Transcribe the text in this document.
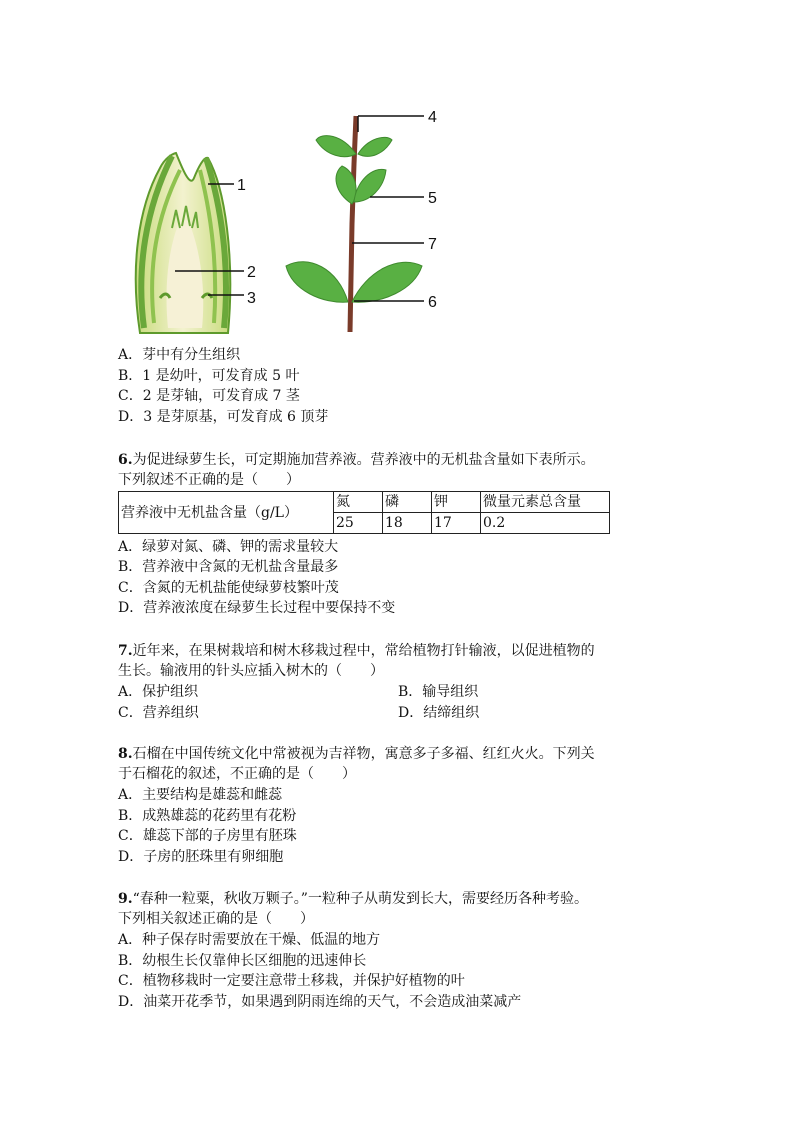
1
2
3
4
5
7
6
A．芽中有分生组织
B．1 是幼叶，可发育成 5 叶
C．2 是芽轴，可发育成 7 茎
D．3 是芽原基，可发育成 6 顶芽
6.为促进绿萝生长，可定期施加营养液。营养液中的无机盐含量如下表所示。
下列叙述不正确的是（　　）
营养液中无机盐含量（g/L）	氮	磷	钾	微量元素总含量
	25	18	17	0.2
A．绿萝对氮、磷、钾的需求量较大
B．营养液中含氮的无机盐含量最多
C．含氮的无机盐能使绿萝枝繁叶茂
D．营养液浓度在绿萝生长过程中要保持不变
7.近年来，在果树栽培和树木移栽过程中，常给植物打针输液，以促进植物的
生长。输液用的针头应插入树木的（　　）
A．保护组织	B．输导组织
C．营养组织	D．结缔组织
8.石榴在中国传统文化中常被视为吉祥物，寓意多子多福、红红火火。下列关
于石榴花的叙述，不正确的是（　　）
A．主要结构是雄蕊和雌蕊
B．成熟雄蕊的花药里有花粉
C．雄蕊下部的子房里有胚珠
D．子房的胚珠里有卵细胞
9.“春种一粒粟，秋收万颗子。”一粒种子从萌发到长大，需要经历各种考验。
下列相关叙述正确的是（　　）
A．种子保存时需要放在干燥、低温的地方
B．幼根生长仅靠伸长区细胞的迅速伸长
C．植物移栽时一定要注意带土移栽，并保护好植物的叶
D．油菜开花季节，如果遇到阴雨连绵的天气，不会造成油菜减产
